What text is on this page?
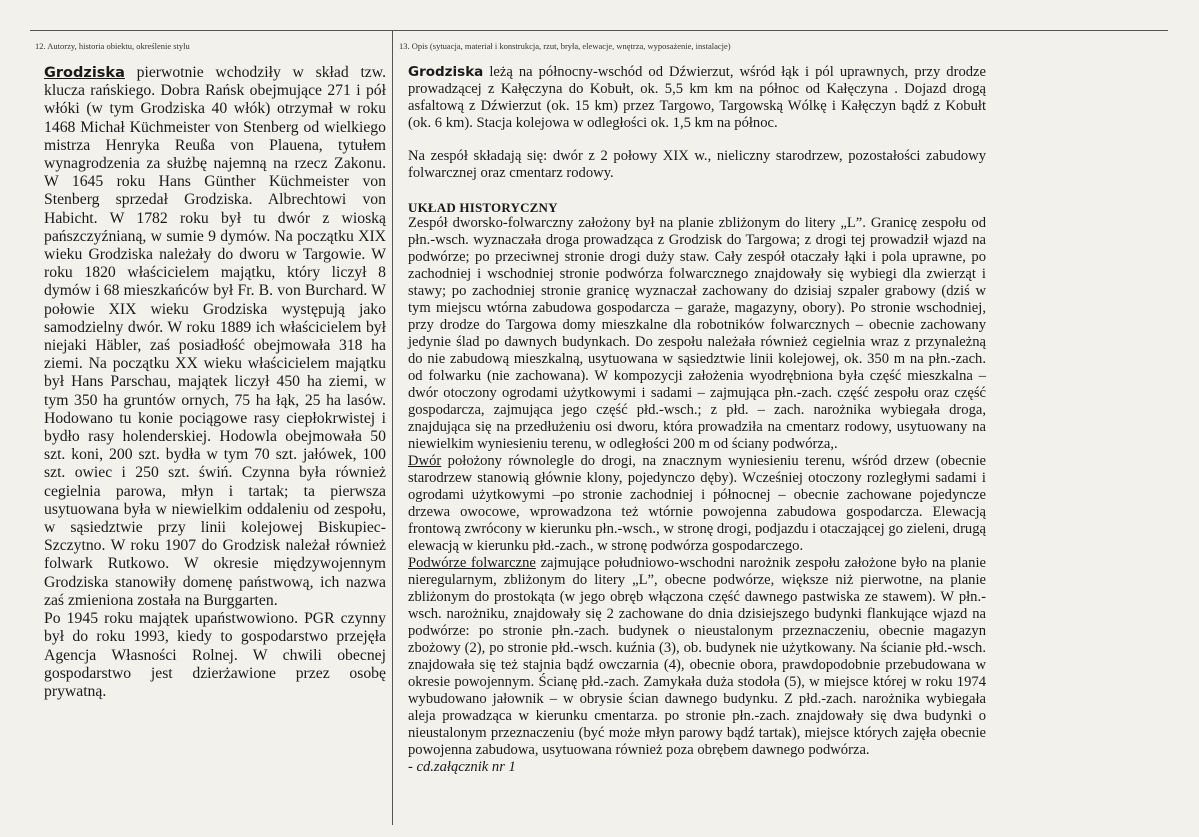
12. Autorzy, historia obiektu, określenie stylu	13. Opis (sytuacja, materiał i konstrukcja, rzut, bryła, elewacje, wnętrza, wyposażenie, instalacje)

Grodziska pierwotnie wchodziły w skład tzw. klucza rańskiego. Dobra Rańsk obejmujące 271 i pół włóki (w tym Grodziska 40 włók) otrzymał w roku 1468 Michał Küchmeister von Stenberg od wielkiego mistrza Henryka Reußa von Plauena, tytułem wynagrodzenia za służbę najemną na rzecz Zakonu. W 1645 roku Hans Günther Küchmeister von Stenberg sprzedał Grodziska. Albrechtowi von Habicht. W 1782 roku był tu dwór z wioską pańszczyźnianą, w sumie 9 dymów. Na początku XIX wieku Grodziska należały do dworu w Targowie. W roku 1820 właścicielem majątku, który liczył 8 dymów i 68 mieszkańców był Fr. B. von Burchard. W połowie XIX wieku Grodziska występują jako samodzielny dwór. W roku 1889 ich właścicielem był niejaki Häbler, zaś posiadłość obejmowała 318 ha ziemi. Na początku XX wieku właścicielem majątku był Hans Parschau, majątek liczył 450 ha ziemi, w tym 350 ha gruntów ornych, 75 ha łąk, 25 ha lasów. Hodowano tu konie pociągowe rasy ciepłokrwistej i bydło rasy holenderskiej. Hodowla obejmowała 50 szt. koni, 200 szt. bydła w tym 70 szt. jałówek, 100 szt. owiec i 250 szt. świń. Czynna była również cegielnia parowa, młyn i tartak; ta pierwsza usytuowana była w niewielkim oddaleniu od zespołu, w sąsiedztwie przy linii kolejowej Biskupiec-Szczytno. W roku 1907 do Grodzisk należał również folwark Rutkowo. W okresie międzywojennym Grodziska stanowiły domenę państwową, ich nazwa zaś zmieniona została na Burggarten.

Po 1945 roku majątek upaństwowiono. PGR czynny był do roku 1993, kiedy to gospodarstwo przejęła Agencja Własności Rolnej. W chwili obecnej gospodarstwo jest dzierżawione przez osobę prywatną.

Grodziska leżą na północny-wschód od Dźwierzut, wśród łąk i pól uprawnych, przy drodze prowadzącej z Kałęczyna do Kobułt, ok. 5,5 km km na północ od Kałęczyna . Dojazd drogą asfaltową z Dźwierzut (ok. 15 km) przez Targowo, Targowską Wólkę i Kałęczyn bądź z Kobułt (ok. 6 km). Stacja kolejowa w odległości ok. 1,5 km na północ.

Na zespół składają się: dwór z 2 połowy XIX w., nieliczny starodrzew, pozostałości zabudowy folwarcznej oraz cmentarz rodowy.

UKŁAD HISTORYCZNY

Zespół dworsko-folwarczny założony był na planie zbliżonym do litery „L”. Granicę zespołu od płn.-wsch. wyznaczała droga prowadząca z Grodzisk do Targowa; z drogi tej prowadził wjazd na podwórze; po przeciwnej stronie drogi duży staw. Cały zespół otaczały łąki i pola uprawne, po zachodniej i wschodniej stronie podwórza folwarcznego znajdowały się wybiegi dla zwierząt i stawy; po zachodniej stronie granicę wyznaczał zachowany do dzisiaj szpaler grabowy (dziś w tym miejscu wtórna zabudowa gospodarcza – garaże, magazyny, obory). Po stronie wschodniej, przy drodze do Targowa domy mieszkalne dla robotników folwarcznych – obecnie zachowany jedynie ślad po dawnych budynkach. Do zespołu należała również cegielnia wraz z przynależną do nie zabudową mieszkalną, usytuowana w sąsiedztwie linii kolejowej, ok. 350 m na płn.-zach. od folwarku (nie zachowana). W kompozycji założenia wyodrębniona była część mieszkalna – dwór otoczony ogrodami użytkowymi i sadami – zajmująca płn.-zach. część zespołu oraz część gospodarcza, zajmująca jego część płd.-wsch.; z płd. – zach. narożnika wybiegała droga, znajdująca się na przedłużeniu osi dworu, która prowadziła na cmentarz rodowy, usytuowany na niewielkim wyniesieniu terenu, w odległości 200 m od ściany podwórza,.

Dwór położony równolegle do drogi, na znacznym wyniesieniu terenu, wśród drzew (obecnie starodrzew stanowią głównie klony, pojedynczo dęby). Wcześniej otoczony rozległymi sadami i ogrodami użytkowymi –po stronie zachodniej i północnej – obecnie zachowane pojedyncze drzewa owocowe, wprowadzona też wtórnie powojenna zabudowa gospodarcza. Elewacją frontową zwrócony w kierunku płn.-wsch., w stronę drogi, podjazdu i otaczającej go zieleni, drugą elewacją w kierunku płd.-zach., w stronę podwórza gospodarczego.

Podwórze folwarczne zajmujące południowo-wschodni narożnik zespołu założone było na planie nieregularnym, zbliżonym do litery „L”, obecne podwórze, większe niż pierwotne, na planie zbliżonym do prostokąta (w jego obręb włączona część dawnego pastwiska ze stawem). W płn.-wsch. narożniku, znajdowały się 2 zachowane do dnia dzisiejszego budynki flankujące wjazd na podwórze: po stronie płn.-zach. budynek o nieustalonym przeznaczeniu, obecnie magazyn zbożowy (2), po stronie płd.-wsch. kuźnia (3), ob. budynek nie użytkowany. Na ścianie płd.-wsch. znajdowała się też stajnia bądź owczarnia (4), obecnie obora, prawdopodobnie przebudowana w okresie powojennym. Ścianę płd.-zach. Zamykała duża stodoła (5), w miejsce której w roku 1974 wybudowano jałownik – w obrysie ścian dawnego budynku. Z płd.-zach. narożnika wybiegała aleja prowadząca w kierunku cmentarza. po stronie płn.-zach. znajdowały się dwa budynki o nieustalonym przeznaczeniu (być może młyn parowy bądź tartak), miejsce których zajęła obecnie powojenna zabudowa, usytuowana również poza obrębem dawnego podwórza.

- cd.załącznik nr 1
